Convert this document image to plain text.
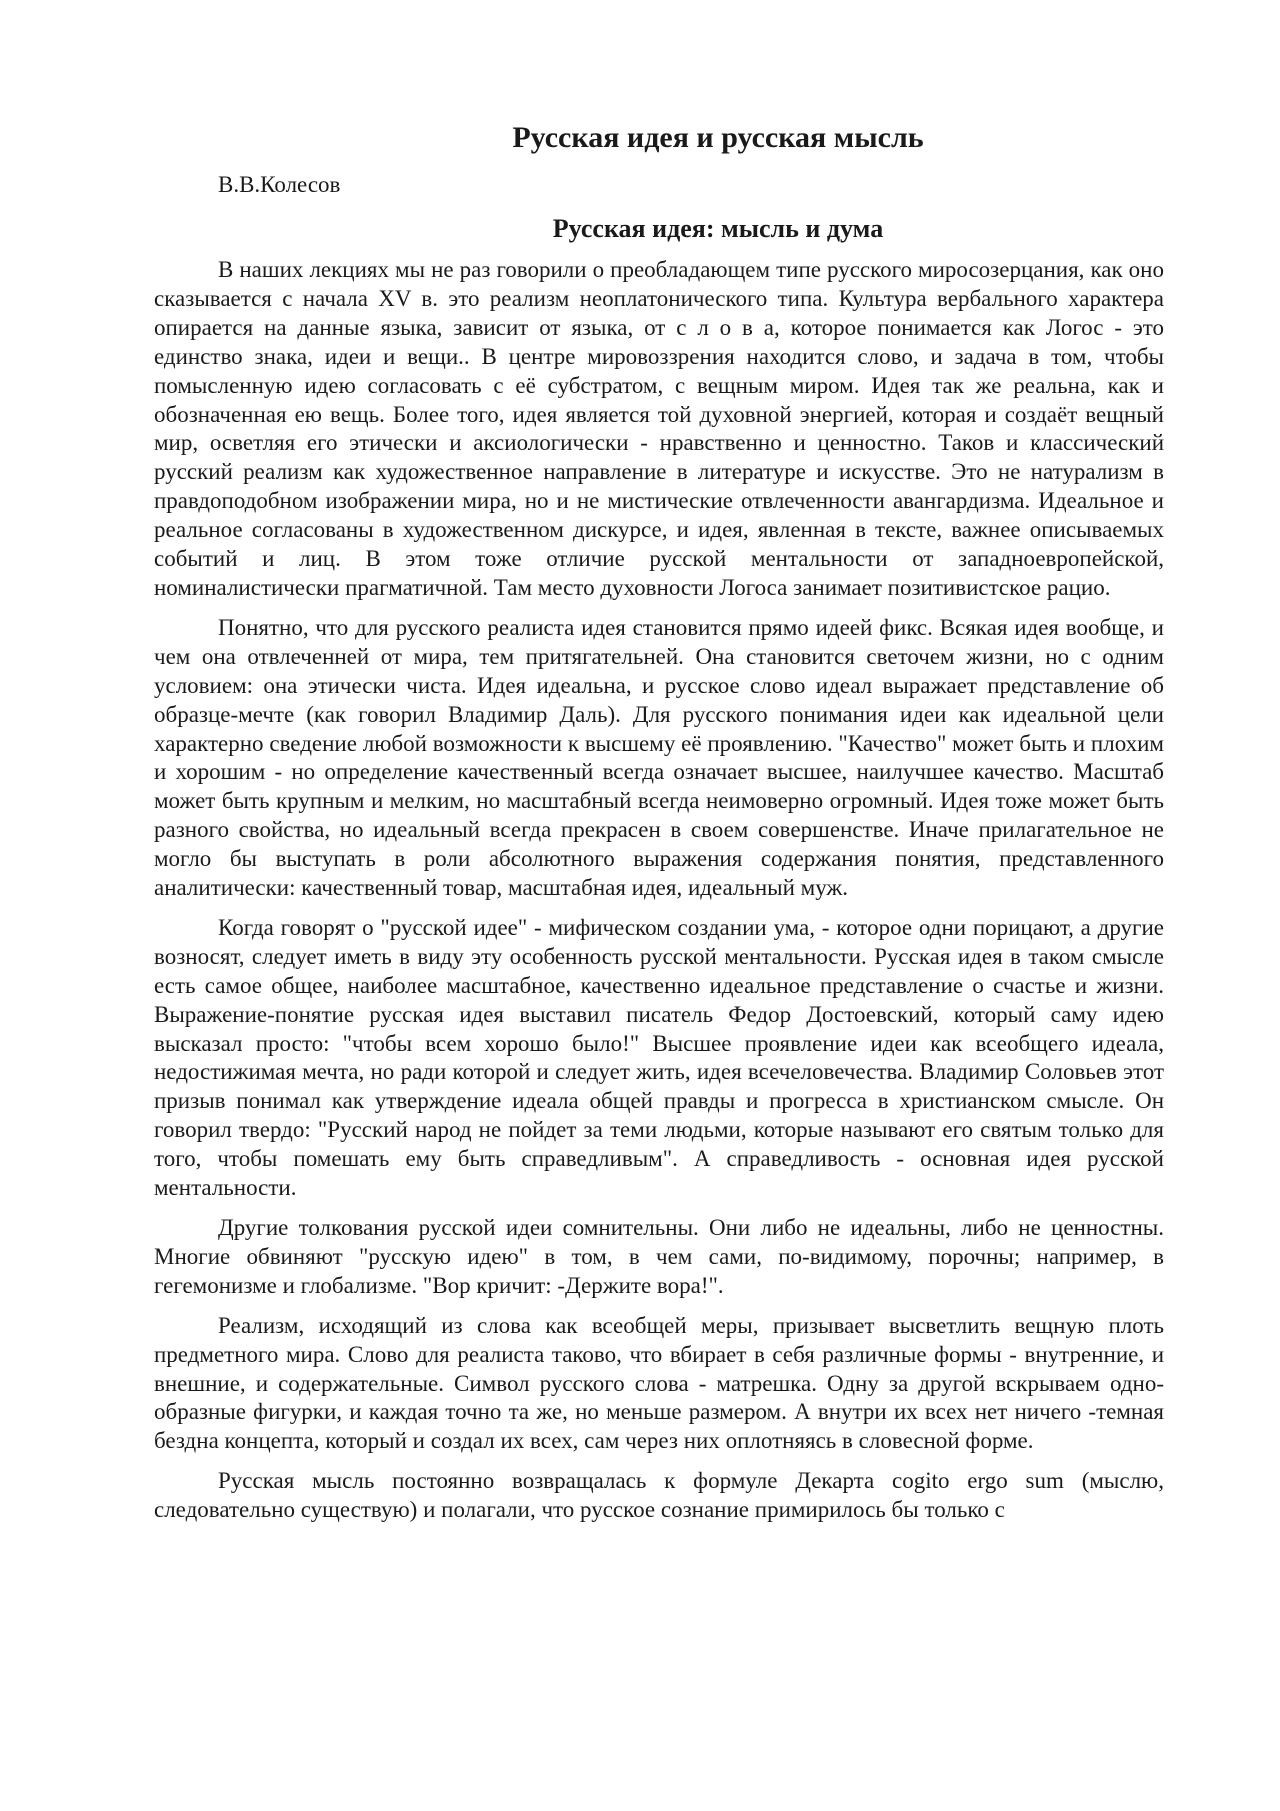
Русская идея и русская мысль
В.В.Колесов
Русская идея: мысль и дума

В наших лекциях мы не раз говорили о преобладающем типе русского миросозерцания, как оно сказывается с начала XV в. это реализм неоплатонического типа. Культура вербального характера опирается на данные языка, зависит от языка, от с л о в а, которое понимается как Логос - это единство знака, идеи и вещи.. В центре мировоззрения находится слово, и задача в том, чтобы помысленную идею согласовать с её субстратом, с вещным миром. Идея так же реальна, как и обозначенная ею вещь. Более того, идея является той духовной энергией, которая и создаёт вещный мир, осветляя его этически и аксиологически - нравственно и ценностно. Таков и классический русский реализм как художественное направление в литературе и искусстве. Это не натурализм в правдоподобном изображении мира, но и не мистические отвлеченности авангардизма. Идеальное и реальное согласованы в художественном дискурсе, и идея, явленная в тексте, важнее описываемых событий и лиц. В этом тоже отличие русской ментальности от западноевропейской, номиналистически прагматичной. Там место духовности Логоса занимает позитивистское рацио.

Понятно, что для русского реалиста идея становится прямо идеей фикс. Всякая идея вообще, и чем она отвлеченней от мира, тем притягательней. Она становится светочем жизни, но с одним условием: она этически чиста. Идея идеальна, и русское слово идеал выражает представление об образце-мечте (как говорил Владимир Даль). Для русского понимания идеи как идеальной цели характерно сведение любой возможности к высшему её проявлению. "Качество" может быть и плохим и хорошим - но определение качественный всегда означает высшее, наилучшее качество. Масштаб может быть крупным и мелким, но масштабный всегда неимоверно огромный. Идея тоже может быть разного свойства, но идеальный всегда прекрасен в своем совершенстве. Иначе прилагательное не могло бы выступать в роли абсолютного выражения содержания понятия, представленного аналитически: качественный товар, масштабная идея, идеальный муж.

Когда говорят о "русской идее" - мифическом создании ума, - которое одни порицают, а другие возносят, следует иметь в виду эту особенность русской ментальности. Русская идея в таком смысле есть самое общее, наиболее масштабное, качественно идеальное представление о счастье и жизни. Выражение-понятие русская идея выставил писатель Федор Достоевский, который саму идею высказал просто: "чтобы всем хорошо было!" Высшее проявление идеи как всеобщего идеала, недостижимая мечта, но ради которой и следует жить, идея всечеловечества. Владимир Соловьев этот призыв понимал как утверждение идеала общей правды и прогресса в христианском смысле. Он говорил твердо: "Русский народ не пойдет за теми людьми, которые называют его святым только для того, чтобы помешать ему быть справедливым". А справедливость - основная идея русской ментальности.

Другие толкования русской идеи сомнительны. Они либо не идеальны, либо не ценностны. Многие обвиняют "русскую идею" в том, в чем сами, по-видимому, порочны; например, в гегемонизме и глобализме. "Вор кричит: -Держите вора!".

Реализм, исходящий из слова как всеобщей меры, призывает высветлить вещную плоть предметного мира. Слово для реалиста таково, что вбирает в себя различные формы - внутренние, и внешние, и содержательные. Символ русского слова - матрешка. Одну за другой вскрываем одно-образные фигурки, и каждая точно та же, но меньше размером. А внутри их всех нет ничего -темная бездна концепта, который и создал их всех, сам через них оплотняясь в словесной форме.

Русская мысль постоянно возвращалась к формуле Декарта cogito ergo sum (мыслю, следовательно существую) и полагали, что русское сознание примирилось бы только с
